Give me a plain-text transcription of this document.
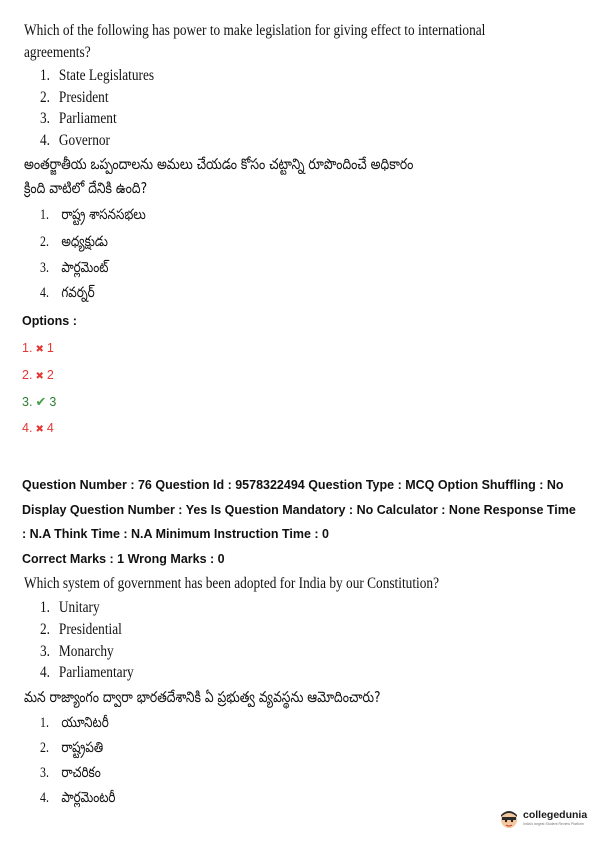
Which of the following has power to make legislation for giving effect to international
agreements?
1. State Legislatures
2. President
3. Parliament
4. Governor
అంతర్జాతీయ ఒప్పందాలను అమలు చేయడం కోసం చట్టాన్ని రూపొందించే అధికారం
క్రింది వాటిలో దేనికి ఉంది?
1. రాష్ట్ర శాసనసభలు
2. అధ్యక్షుడు
3. పార్లమెంట్
4. గవర్నర్
Options :
1. ✖ 1
2. ✖ 2
3. ✔ 3
4. ✖ 4
Question Number : 76 Question Id : 9578322494 Question Type : MCQ Option Shuffling : No
Display Question Number : Yes Is Question Mandatory : No Calculator : None Response Time
: N.A Think Time : N.A Minimum Instruction Time : 0
Correct Marks : 1 Wrong Marks : 0
Which system of government has been adopted for India by our Constitution?
1. Unitary
2. Presidential
3. Monarchy
4. Parliamentary
మన రాజ్యాంగం ద్వారా భారతదేశానికి ఏ ప్రభుత్వ వ్యవస్థను ఆమోదించారు?
1. యూనిటరీ
2. రాష్ట్రపతి
3. రాచరికం
4. పార్లమెంటరీ
collegedunia
India's largest Student Review Platform
